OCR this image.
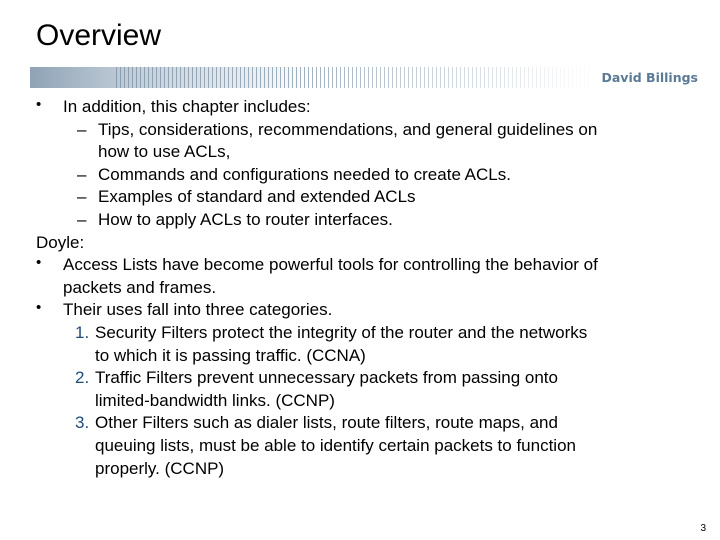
Overview
David Billings
• In addition, this chapter includes:
– Tips, considerations, recommendations, and general guidelines on
how to use ACLs,
– Commands and configurations needed to create ACLs.
– Examples of standard and extended ACLs
– How to apply ACLs to router interfaces.
Doyle:
• Access Lists have become powerful tools for controlling the behavior of
packets and frames.
• Their uses fall into three categories.
1. Security Filters protect the integrity of the router and the networks
to which it is passing traffic. (CCNA)
2. Traffic Filters prevent unnecessary packets from passing onto
limited-bandwidth links. (CCNP)
3. Other Filters such as dialer lists, route filters, route maps, and
queuing lists, must be able to identify certain packets to function
properly. (CCNP)
3
